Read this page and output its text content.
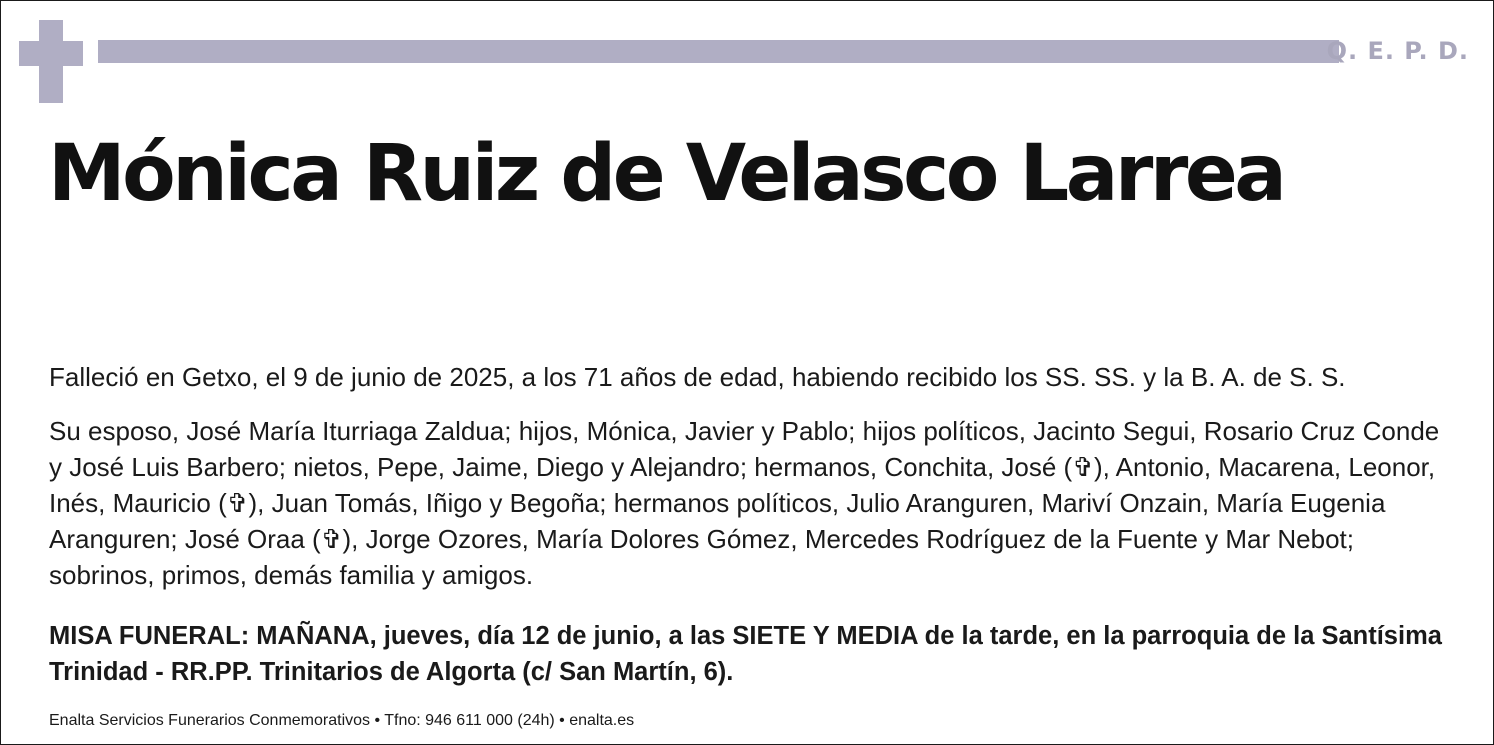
Q. E. P. D.
Mónica Ruiz de Velasco Larrea

Falleció en Getxo, el 9 de junio de 2025, a los 71 años de edad, habiendo recibido los SS. SS. y la B. A. de S. S.

Su esposo, José María Iturriaga Zaldua; hijos, Mónica, Javier y Pablo; hijos políticos, Jacinto Segui, Rosario Cruz Conde y José Luis Barbero; nietos, Pepe, Jaime, Diego y Alejandro; hermanos, Conchita, José (✞), Antonio, Macarena, Leonor, Inés, Mauricio (✞), Juan Tomás, Iñigo y Begoña; hermanos políticos, Julio Aranguren, Mariví Onzain, María Eugenia Aranguren; José Oraa (✞), Jorge Ozores, María Dolores Gómez, Mercedes Rodríguez de la Fuente y Mar Nebot; sobrinos, primos, demás familia y amigos.

MISA FUNERAL: MAÑANA, jueves, día 12 de junio, a las SIETE Y MEDIA de la tarde, en la parroquia de la Santísima Trinidad - RR.PP. Trinitarios de Algorta (c/ San Martín, 6).

Enalta Servicios Funerarios Conmemorativos • Tfno: 946 611 000 (24h) • enalta.es
